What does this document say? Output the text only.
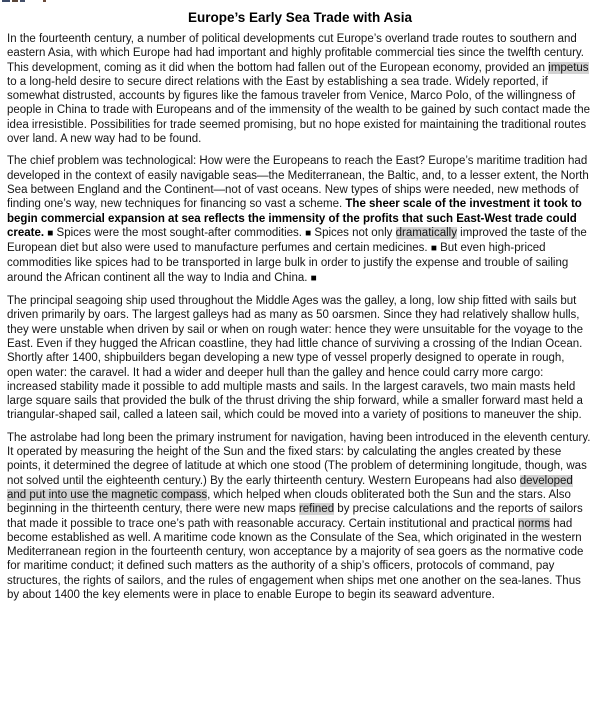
Europe’s Early Sea Trade with Asia

In the fourteenth century, a number of political developments cut Europe’s overland trade routes to southern and eastern Asia, with which Europe had had important and highly profitable commercial ties since the twelfth century. This development, coming as it did when the bottom had fallen out of the European economy, provided an impetus to a long-held desire to secure direct relations with the East by establishing a sea trade. Widely reported, if somewhat distrusted, accounts by figures like the famous traveler from Venice, Marco Polo, of the willingness of people in China to trade with Europeans and of the immensity of the wealth to be gained by such contact made the idea irresistible. Possibilities for trade seemed promising, but no hope existed for maintaining the traditional routes over land. A new way had to be found.

The chief problem was technological: How were the Europeans to reach the East? Europe’s maritime tradition had developed in the context of easily navigable seas—the Mediterranean, the Baltic, and, to a lesser extent, the North Sea between England and the Continent—not of vast oceans. New types of ships were needed, new methods of finding one’s way, new techniques for financing so vast a scheme. The sheer scale of the investment it took to begin commercial expansion at sea reflects the immensity of the profits that such East-West trade could create. ■ Spices were the most sought-after commodities. ■ Spices not only dramatically improved the taste of the European diet but also were used to manufacture perfumes and certain medicines. ■ But even high-priced commodities like spices had to be transported in large bulk in order to justify the expense and trouble of sailing around the African continent all the way to India and China. ■

The principal seagoing ship used throughout the Middle Ages was the galley, a long, low ship fitted with sails but driven primarily by oars. The largest galleys had as many as 50 oarsmen. Since they had relatively shallow hulls, they were unstable when driven by sail or when on rough water: hence they were unsuitable for the voyage to the East. Even if they hugged the African coastline, they had little chance of surviving a crossing of the Indian Ocean. Shortly after 1400, shipbuilders began developing a new type of vessel properly designed to operate in rough, open water: the caravel. It had a wider and deeper hull than the galley and hence could carry more cargo: increased stability made it possible to add multiple masts and sails. In the largest caravels, two main masts held large square sails that provided the bulk of the thrust driving the ship forward, while a smaller forward mast held a triangular-shaped sail, called a lateen sail, which could be moved into a variety of positions to maneuver the ship.

The astrolabe had long been the primary instrument for navigation, having been introduced in the eleventh century. It operated by measuring the height of the Sun and the fixed stars: by calculating the angles created by these points, it determined the degree of latitude at which one stood (The problem of determining longitude, though, was not solved until the eighteenth century.) By the early thirteenth century. Western Europeans had also developed and put into use the magnetic compass, which helped when clouds obliterated both the Sun and the stars. Also beginning in the thirteenth century, there were new maps refined by precise calculations and the reports of sailors that made it possible to trace one’s path with reasonable accuracy. Certain institutional and practical norms had become established as well. A maritime code known as the Consulate of the Sea, which originated in the western Mediterranean region in the fourteenth century, won acceptance by a majority of sea goers as the normative code for maritime conduct; it defined such matters as the authority of a ship’s officers, protocols of command, pay structures, the rights of sailors, and the rules of engagement when ships met one another on the sea-lanes. Thus by about 1400 the key elements were in place to enable Europe to begin its seaward adventure.
